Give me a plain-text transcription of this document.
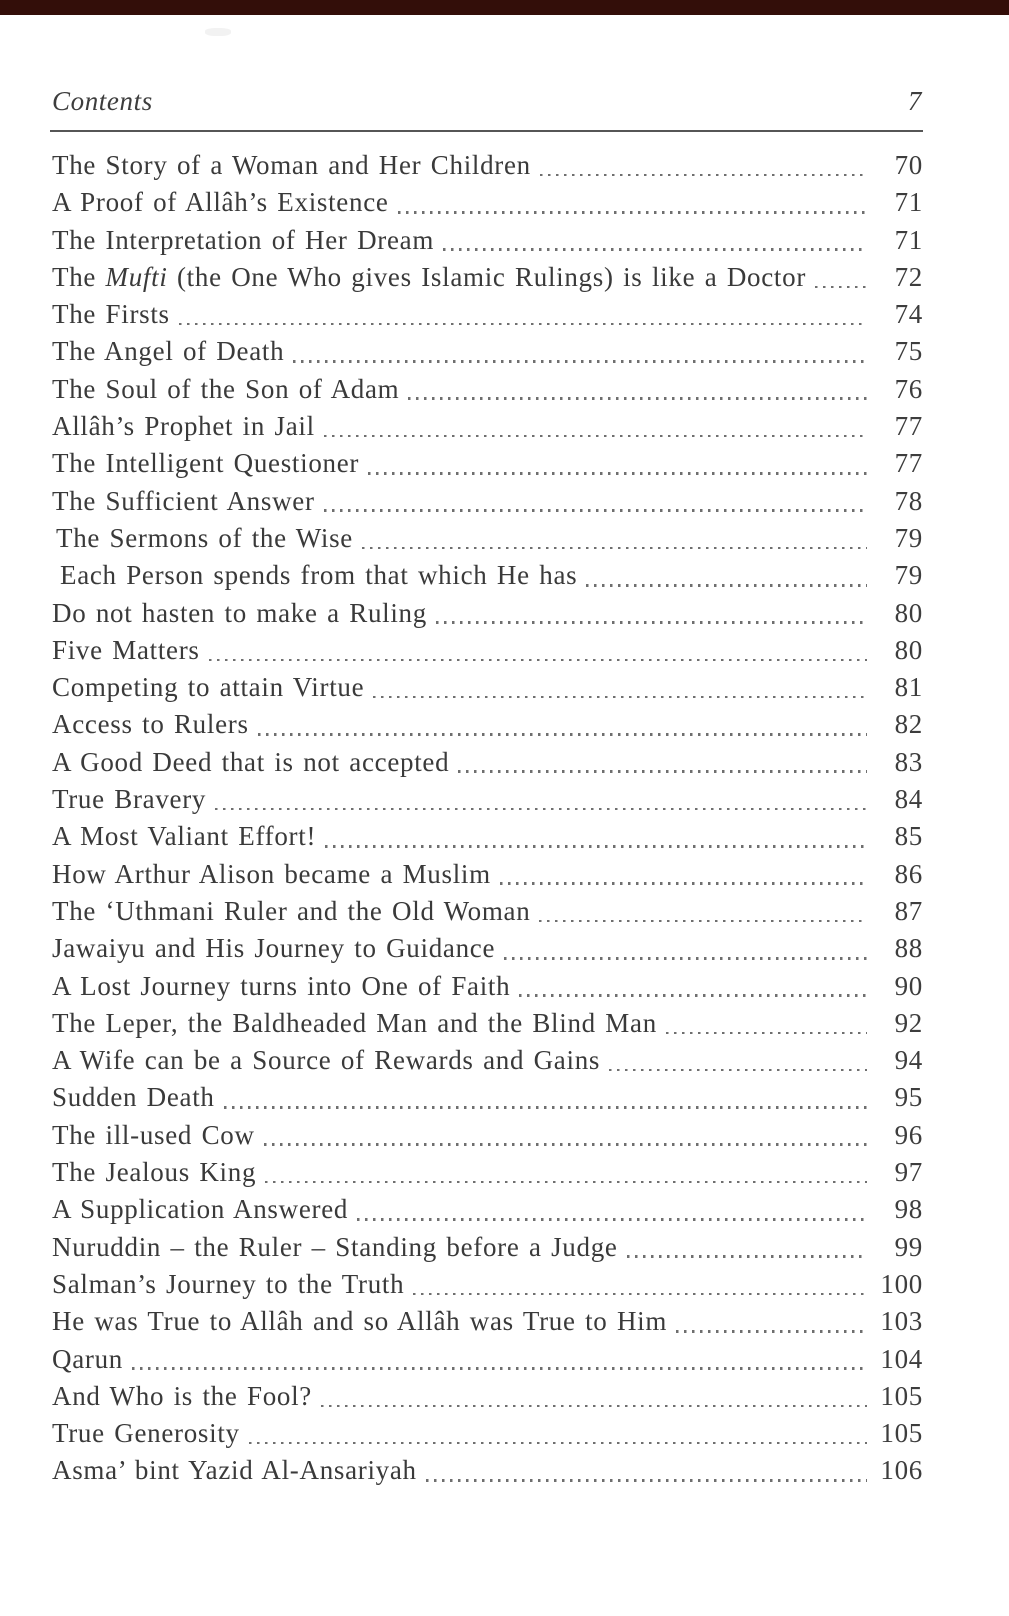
Contents	7
The Story of a Woman and Her Children	70
A Proof of Allâh’s Existence	71
The Interpretation of Her Dream	71
The Mufti (the One Who gives Islamic Rulings) is like a Doctor	72
The Firsts	74
The Angel of Death	75
The Soul of the Son of Adam	76
Allâh’s Prophet in Jail	77
The Intelligent Questioner	77
The Sufficient Answer	78
The Sermons of the Wise	79
Each Person spends from that which He has	79
Do not hasten to make a Ruling	80
Five Matters	80
Competing to attain Virtue	81
Access to Rulers	82
A Good Deed that is not accepted	83
True Bravery	84
A Most Valiant Effort!	85
How Arthur Alison became a Muslim	86
The ‘Uthmani Ruler and the Old Woman	87
Jawaiyu and His Journey to Guidance	88
A Lost Journey turns into One of Faith	90
The Leper, the Baldheaded Man and the Blind Man	92
A Wife can be a Source of Rewards and Gains	94
Sudden Death	95
The ill-used Cow	96
The Jealous King	97
A Supplication Answered	98
Nuruddin – the Ruler – Standing before a Judge	99
Salman’s Journey to the Truth	100
He was True to Allâh and so Allâh was True to Him	103
Qarun	104
And Who is the Fool?	105
True Generosity	105
Asma’ bint Yazid Al-Ansariyah	106
